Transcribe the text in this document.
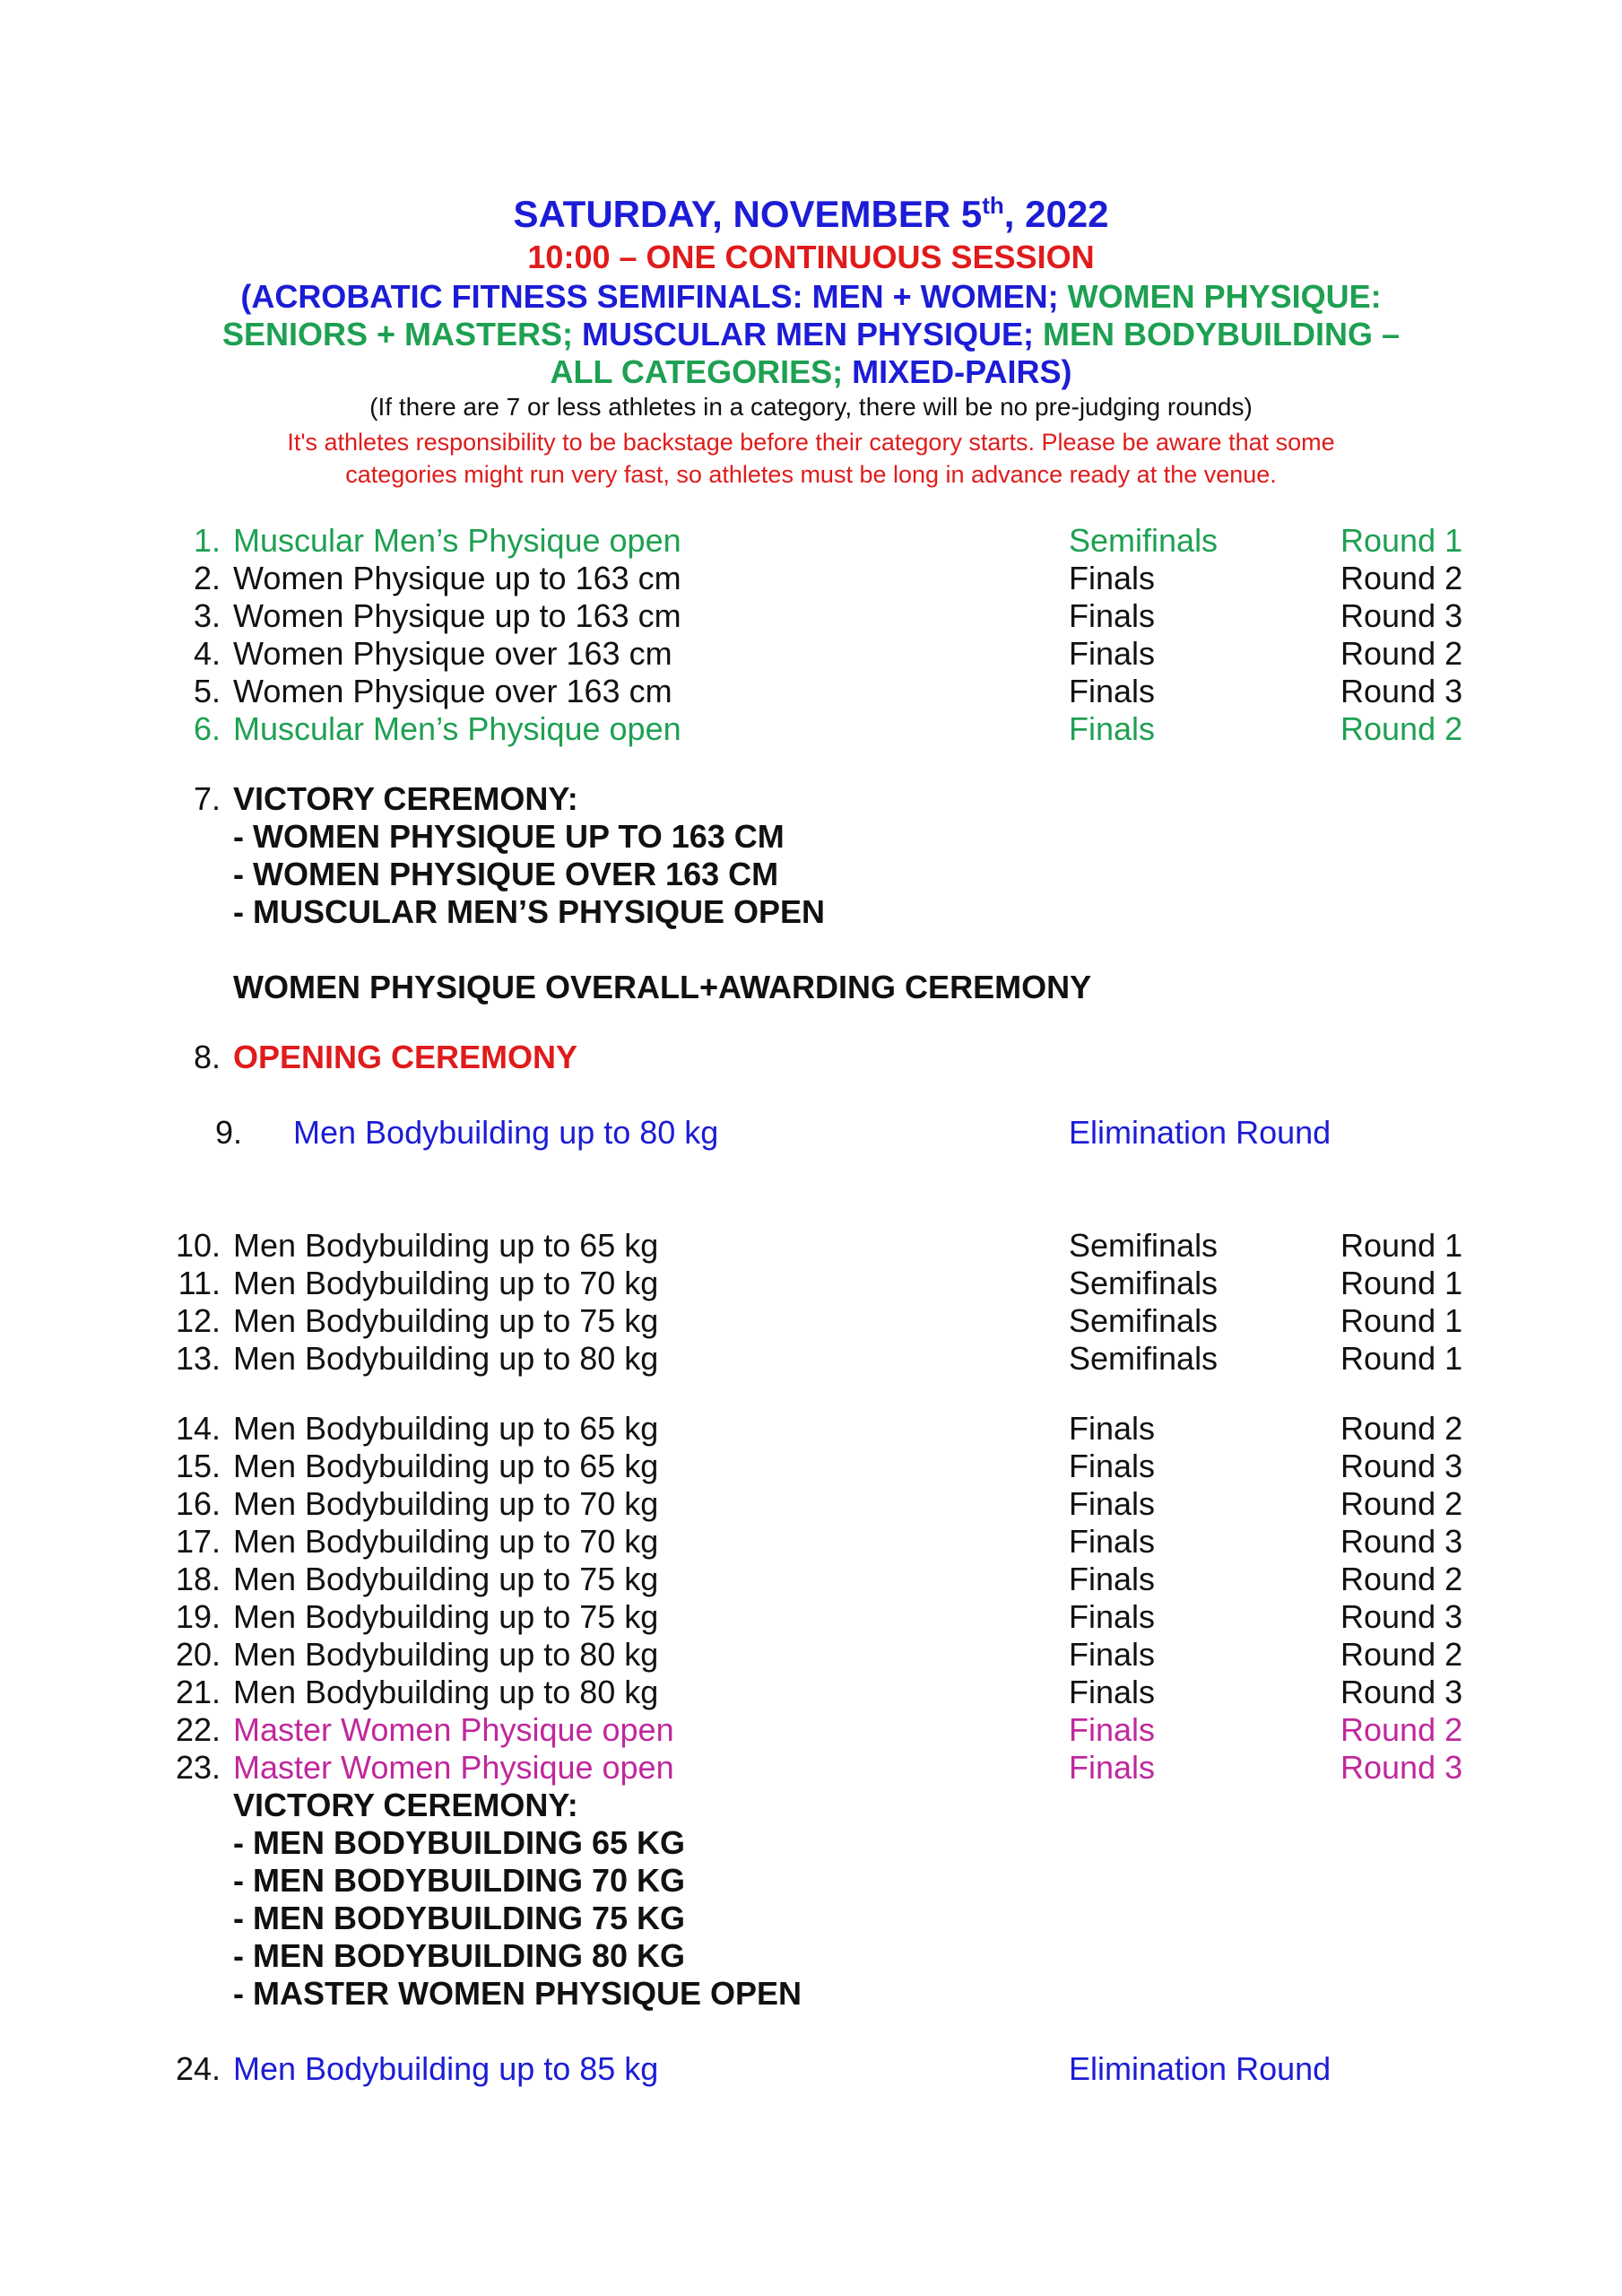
SATURDAY, NOVEMBER 5th, 2022
10:00 – ONE CONTINUOUS SESSION
(ACROBATIC FITNESS SEMIFINALS: MEN + WOMEN; WOMEN PHYSIQUE:
SENIORS + MASTERS; MUSCULAR MEN PHYSIQUE; MEN BODYBUILDING –
ALL CATEGORIES; MIXED-PAIRS)
(If there are 7 or less athletes in a category, there will be no pre-judging rounds)
It's athletes responsibility to be backstage before their category starts. Please be aware that some
categories might run very fast, so athletes must be long in advance ready at the venue.
1. Muscular Men’s Physique open	Semifinals	Round 1
2. Women Physique up to 163 cm	Finals	Round 2
3. Women Physique up to 163 cm	Finals	Round 3
4. Women Physique over 163 cm	Finals	Round 2
5. Women Physique over 163 cm	Finals	Round 3
6. Muscular Men’s Physique open	Finals	Round 2
7. VICTORY CEREMONY:
- WOMEN PHYSIQUE UP TO 163 CM
- WOMEN PHYSIQUE OVER 163 CM
- MUSCULAR MEN’S PHYSIQUE OPEN
WOMEN PHYSIQUE OVERALL+AWARDING CEREMONY
8. OPENING CEREMONY
9. Men Bodybuilding up to 80 kg	Elimination Round
10. Men Bodybuilding up to 65 kg	Semifinals	Round 1
11. Men Bodybuilding up to 70 kg	Semifinals	Round 1
12. Men Bodybuilding up to 75 kg	Semifinals	Round 1
13. Men Bodybuilding up to 80 kg	Semifinals	Round 1
14. Men Bodybuilding up to 65 kg	Finals	Round 2
15. Men Bodybuilding up to 65 kg	Finals	Round 3
16. Men Bodybuilding up to 70 kg	Finals	Round 2
17. Men Bodybuilding up to 70 kg	Finals	Round 3
18. Men Bodybuilding up to 75 kg	Finals	Round 2
19. Men Bodybuilding up to 75 kg	Finals	Round 3
20. Men Bodybuilding up to 80 kg	Finals	Round 2
21. Men Bodybuilding up to 80 kg	Finals	Round 3
22. Master Women Physique open	Finals	Round 2
23. Master Women Physique open	Finals	Round 3
VICTORY CEREMONY:
- MEN BODYBUILDING 65 KG
- MEN BODYBUILDING 70 KG
- MEN BODYBUILDING 75 KG
- MEN BODYBUILDING 80 KG
- MASTER WOMEN PHYSIQUE OPEN
24. Men Bodybuilding up to 85 kg	Elimination Round
